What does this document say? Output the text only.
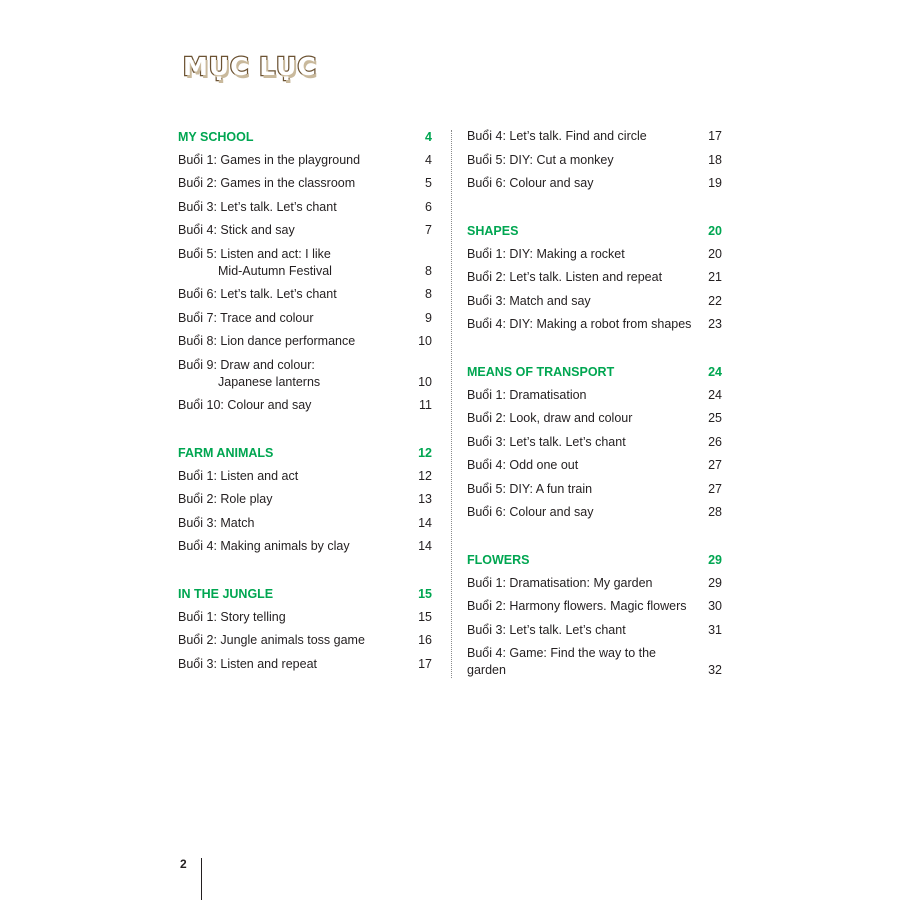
MỤC LỤC
MY SCHOOL	4
Buổi 1: Games in the playground	4
Buổi 2: Games in the classroom	5
Buổi 3: Let’s talk. Let’s chant	6
Buổi 4: Stick and say	7
Buổi 5: Listen and act: I like
Mid-Autumn Festival	8
Buổi 6: Let’s talk. Let’s chant	8
Buổi 7: Trace and colour	9
Buổi 8: Lion dance performance	10
Buổi 9: Draw and colour:
Japanese lanterns	10
Buổi 10: Colour and say	11
FARM ANIMALS	12
Buổi 1: Listen and act	12
Buổi 2: Role play	13
Buổi 3: Match	14
Buổi 4: Making animals by clay	14
IN THE JUNGLE	15
Buổi 1: Story telling	15
Buổi 2: Jungle animals toss game	16
Buổi 3: Listen and repeat	17
Buổi 4: Let’s talk. Find and circle	17
Buổi 5: DIY: Cut a monkey	18
Buổi 6: Colour and say	19
SHAPES	20
Buổi 1: DIY: Making a rocket	20
Buổi 2: Let’s talk. Listen and repeat	21
Buổi 3: Match and say	22
Buổi 4: DIY: Making a robot from shapes	23
MEANS OF TRANSPORT	24
Buổi 1: Dramatisation	24
Buổi 2: Look, draw and colour	25
Buổi 3: Let’s talk. Let’s chant	26
Buổi 4: Odd one out	27
Buổi 5: DIY: A fun train	27
Buổi 6: Colour and say	28
FLOWERS	29
Buổi 1: Dramatisation: My garden	29
Buổi 2: Harmony flowers. Magic flowers	30
Buổi 3: Let’s talk. Let’s chant	31
Buổi 4: Game: Find the way to the garden	32
2
